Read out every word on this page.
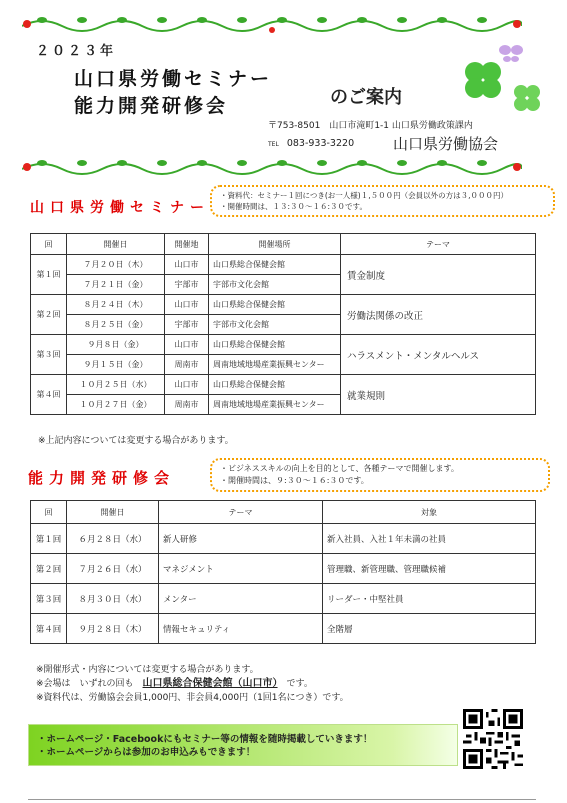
２０２３年
山口県労働セミナー
能力開発研修会	のご案内
〒753-8501　山口市滝町1-1 山口県労働政策課内
TEL 083-933-3220	山口県労働協会
山口県労働セミナー
・資料代：セミナー１回につき(お一人様)１,５００円（会員以外の方は３,０００円）
・開催時間は、１３:３０～１６:３０です。
回	開催日	開催地	開催場所	テーマ
第１回	７月２０日（木）	山口市	山口県総合保健会館	賃金制度
	７月２１日（金）	宇部市	宇部市文化会館	
第２回	８月２４日（木）	山口市	山口県総合保健会館	労働法関係の改正
	８月２５日（金）	宇部市	宇部市文化会館	
第３回	９月８日（金）	山口市	山口県総合保健会館	ハラスメント・メンタルヘルス
	９月１５日（金）	周南市	周南地域地場産業振興センター	
第４回	１０月２５日（水）	山口市	山口県総合保健会館	就業規則
	１０月２７日（金）	周南市	周南地域地場産業振興センター	
※上記内容については変更する場合があります。
能力開発研修会
・ビジネススキルの向上を目的として、各種テーマで開催します。
・開催時間は、９:３０～１６:３０です。
回	開催日	テーマ	対象
第１回	６月２８日（水）	新人研修	新入社員、入社１年未満の社員
第２回	７月２６日（水）	マネジメント	管理職、新管理職、管理職候補
第３回	８月３０日（水）	メンター	リーダー・中堅社員
第４回	９月２８日（木）	情報セキュリティ	全階層
※開催形式・内容については変更する場合があります。
※会場は　いずれの回も　山口県総合保健会館（山口市）　です。
※資料代は、労働協会会員1,000円、非会員4,000円（1回1名につき）です。
・ホームページ・Facebookにもセミナー等の情報を随時掲載していきます！
・ホームページからは参加のお申込みもできます！
